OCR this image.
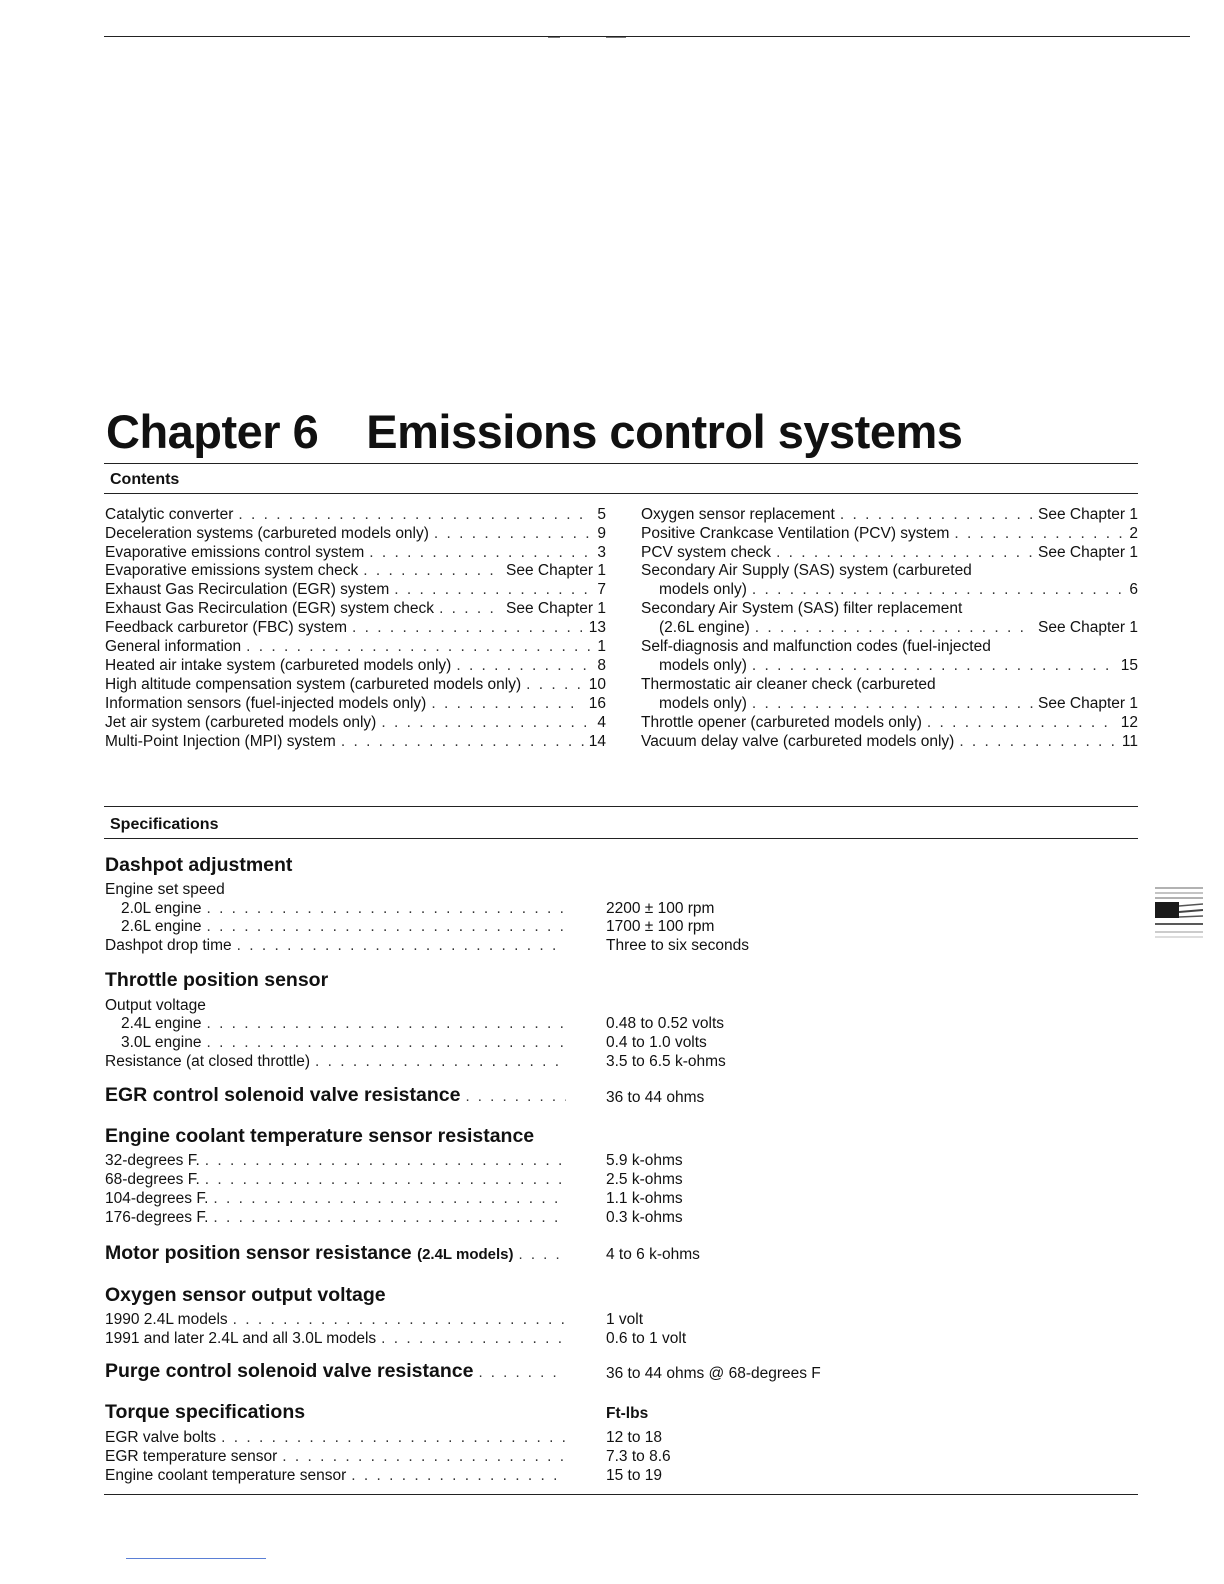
Chapter 6 Emissions control systems
Contents
Catalytic converter . . .	5
Deceleration systems (carbureted models only) . . .	9
Evaporative emissions control system . . .	3
Evaporative emissions system check . . .	See Chapter 1
Exhaust Gas Recirculation (EGR) system . . .	7
Exhaust Gas Recirculation (EGR) system check . . .	See Chapter 1
Feedback carburetor (FBC) system . . .	13
General information . . .	1
Heated air intake system (carbureted models only) . . .	8
High altitude compensation system (carbureted models only) . . .	10
Information sensors (fuel-injected models only) . . .	16
Jet air system (carbureted models only) . . .	4
Multi-Point Injection (MPI) system . . .	14
Oxygen sensor replacement . . .	See Chapter 1
Positive Crankcase Ventilation (PCV) system . . .	2
PCV system check . . .	See Chapter 1
Secondary Air Supply (SAS) system (carbureted
models only) . . .	6
Secondary Air System (SAS) filter replacement
(2.6L engine) . . .	See Chapter 1
Self-diagnosis and malfunction codes (fuel-injected
models only) . . .	15
Thermostatic air cleaner check (carbureted
models only) . . .	See Chapter 1
Throttle opener (carbureted models only) . . .	12
Vacuum delay valve (carbureted models only) . . .	11
Specifications
Dashpot adjustment
Engine set speed
2.0L engine . . .	2200 ± 100 rpm
2.6L engine . . .	1700 ± 100 rpm
Dashpot drop time . . .	Three to six seconds
Throttle position sensor
Output voltage
2.4L engine . . .	0.48 to 0.52 volts
3.0L engine . . .	0.4 to 1.0 volts
Resistance (at closed throttle) . . .	3.5 to 6.5 k-ohms
EGR control solenoid valve resistance . . .	36 to 44 ohms
Engine coolant temperature sensor resistance
32-degrees F. . . .	5.9 k-ohms
68-degrees F. . . .	2.5 k-ohms
104-degrees F. . . .	1.1 k-ohms
176-degrees F. . . .	0.3 k-ohms
Motor position sensor resistance (2.4L models) . . .	4 to 6 k-ohms
Oxygen sensor output voltage
1990 2.4L models . . .	1 volt
1991 and later 2.4L and all 3.0L models . . .	0.6 to 1 volt
Purge control solenoid valve resistance . . .	36 to 44 ohms @ 68-degrees F
Torque specifications	Ft-lbs
EGR valve bolts . . .	12 to 18
EGR temperature sensor . . .	7.3 to 8.6
Engine coolant temperature sensor . . .	15 to 19
